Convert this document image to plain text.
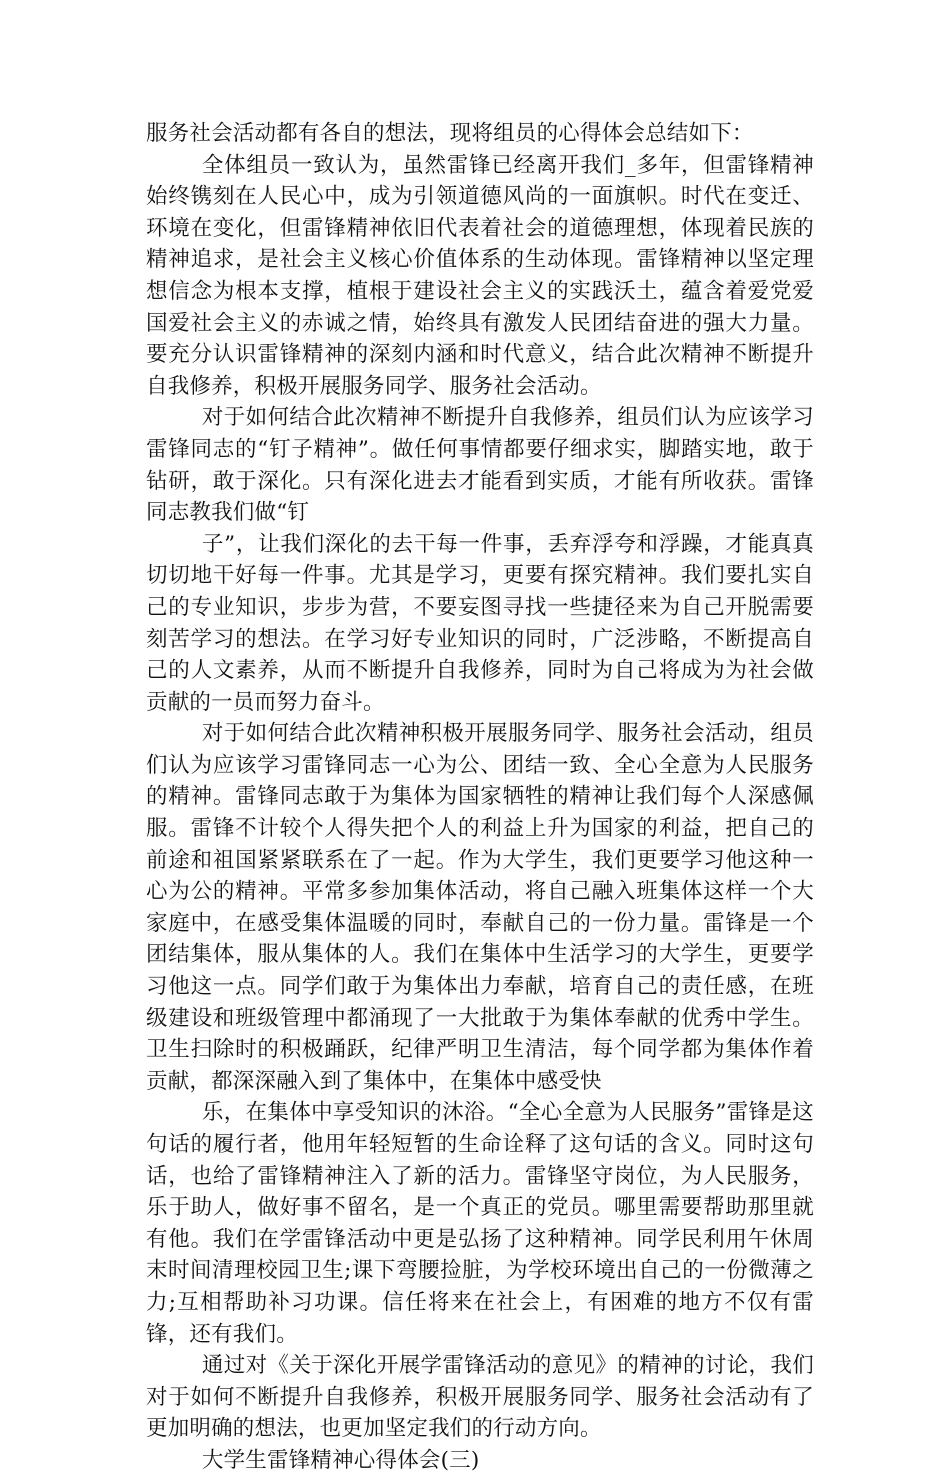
服务社会活动都有各自的想法，现将组员的心得体会总结如下：

全体组员一致认为，虽然雷锋已经离开我们_多年，但雷锋精神始终镌刻在人民心中，成为引领道德风尚的一面旗帜。时代在变迁、环境在变化，但雷锋精神依旧代表着社会的道德理想，体现着民族的精神追求，是社会主义核心价值体系的生动体现。雷锋精神以坚定理想信念为根本支撑，植根于建设社会主义的实践沃土，蕴含着爱党爱国爱社会主义的赤诚之情，始终具有激发人民团结奋进的强大力量。要充分认识雷锋精神的深刻内涵和时代意义，结合此次精神不断提升自我修养，积极开展服务同学、服务社会活动。

对于如何结合此次精神不断提升自我修养，组员们认为应该学习雷锋同志的“钉子精神”。做任何事情都要仔细求实，脚踏实地，敢于钻研，敢于深化。只有深化进去才能看到实质，才能有所收获。雷锋同志教我们做“钉

子”，让我们深化的去干每一件事，丢弃浮夸和浮躁，才能真真切切地干好每一件事。尤其是学习，更要有探究精神。我们要扎实自己的专业知识，步步为营，不要妄图寻找一些捷径来为自己开脱需要刻苦学习的想法。在学习好专业知识的同时，广泛涉略，不断提高自己的人文素养，从而不断提升自我修养，同时为自己将成为为社会做贡献的一员而努力奋斗。

对于如何结合此次精神积极开展服务同学、服务社会活动，组员们认为应该学习雷锋同志一心为公、团结一致、全心全意为人民服务的精神。雷锋同志敢于为集体为国家牺牲的精神让我们每个人深感佩服。雷锋不计较个人得失把个人的利益上升为国家的利益，把自己的前途和祖国紧紧联系在了一起。作为大学生，我们更要学习他这种一心为公的精神。平常多参加集体活动，将自己融入班集体这样一个大家庭中，在感受集体温暖的同时，奉献自己的一份力量。雷锋是一个团结集体，服从集体的人。我们在集体中生活学习的大学生，更要学习他这一点。同学们敢于为集体出力奉献，培育自己的责任感，在班级建设和班级管理中都涌现了一大批敢于为集体奉献的优秀中学生。卫生扫除时的积极踊跃，纪律严明卫生清洁，每个同学都为集体作着贡献，都深深融入到了集体中，在集体中感受快

乐，在集体中享受知识的沐浴。“全心全意为人民服务”雷锋是这句话的履行者，他用年轻短暂的生命诠释了这句话的含义。同时这句话，也给了雷锋精神注入了新的活力。雷锋坚守岗位，为人民服务，乐于助人，做好事不留名，是一个真正的党员。哪里需要帮助那里就有他。我们在学雷锋活动中更是弘扬了这种精神。同学民利用午休周末时间清理校园卫生;课下弯腰捡脏，为学校环境出自己的一份微薄之力;互相帮助补习功课。信任将来在社会上，有困难的地方不仅有雷锋，还有我们。

通过对《关于深化开展学雷锋活动的意见》的精神的讨论，我们对于如何不断提升自我修养，积极开展服务同学、服务社会活动有了更加明确的想法，也更加坚定我们的行动方向。

大学生雷锋精神心得体会(三)
